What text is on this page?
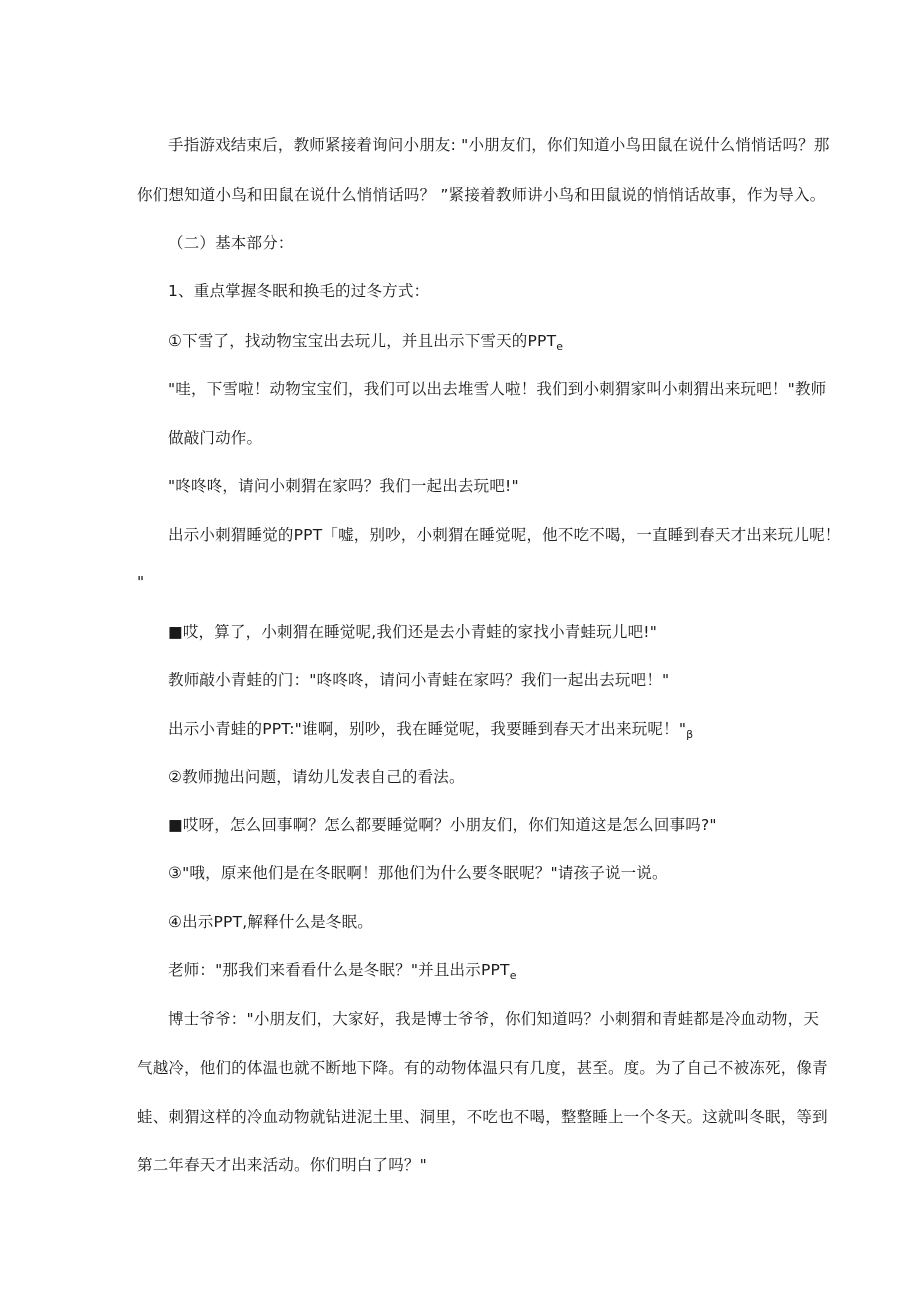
手指游戏结束后，教师紧接着询问小朋友: "小朋友们，你们知道小鸟田鼠在说什么悄悄话吗？那
你们想知道小鸟和田鼠在说什么悄悄话吗？ ”紧接着教师讲小鸟和田鼠说的悄悄话故事，作为导入。
（二）基本部分：
1、重点掌握冬眠和换毛的过冬方式：
①下雪了，找动物宝宝出去玩儿，并且出示下雪天的$PPT_e$
"哇，下雪啦！动物宝宝们，我们可以出去堆雪人啦！我们到小刺猬家叫小刺猬出来玩吧！"教师
做敲门动作。
"咚咚咚，请问小刺猬在家吗？我们一起出去玩吧!"
出示小刺猬睡觉的PPT「嘘，别吵，小刺猬在睡觉呢，他不吃不喝，一直睡到春天才出来玩儿呢！
"
■哎，算了，小刺猬在睡觉呢,我们还是去小青蛙的家找小青蛙玩儿吧!"
教师敲小青蛙的门："咚咚咚，请问小青蛙在家吗？我们一起出去玩吧！"
出示小青蛙的PPT:"谁啊，别吵，我在睡觉呢，我要睡到春天才出来玩呢！"$_\beta$
②教师抛出问题，请幼儿发表自己的看法。
■哎呀，怎么回事啊？怎么都要睡觉啊？小朋友们，你们知道这是怎么回事吗?"
③"哦，原来他们是在冬眠啊！那他们为什么要冬眠呢？"请孩子说一说。
④出示PPT,解释什么是冬眠。
老师："那我们来看看什么是冬眠？"并且出示$PPT_e$
博士爷爷："小朋友们，大家好，我是博士爷爷，你们知道吗？小刺猬和青蛙都是冷血动物，天
气越冷，他们的体温也就不断地下降。有的动物体温只有几度，甚至。度。为了自己不被冻死，像青
蛙、刺猬这样的冷血动物就钻进泥土里、洞里，不吃也不喝，整整睡上一个冬天。这就叫冬眠，等到
第二年春天才出来活动。你们明白了吗？"
